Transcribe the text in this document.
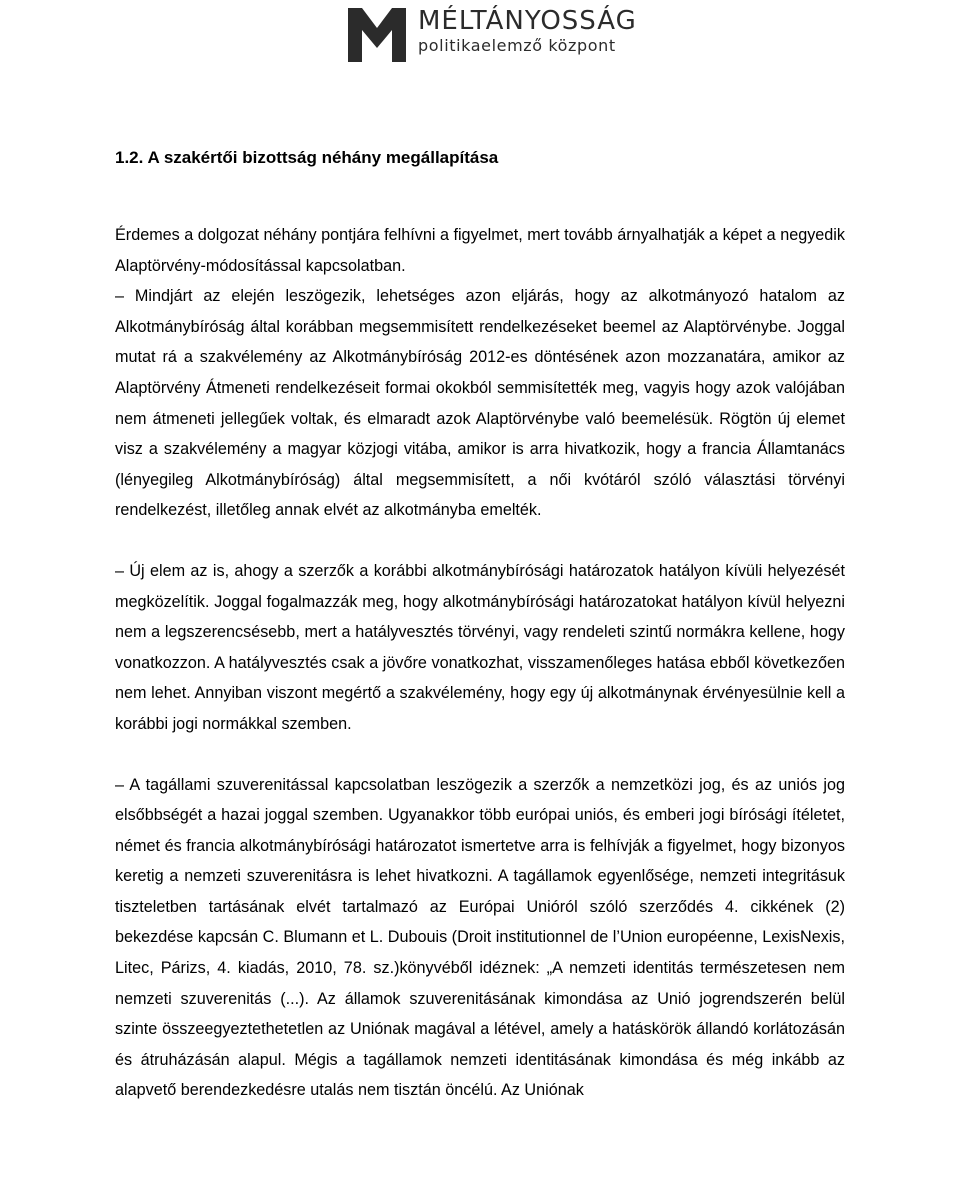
MÉLTÁNYOSSÁG
politikaelemző központ
1.2. A szakértői bizottság néhány megállapítása

Érdemes a dolgozat néhány pontjára felhívni a figyelmet, mert tovább árnyalhatják a képet a negyedik Alaptörvény-módosítással kapcsolatban.

– Mindjárt az elején leszögezik, lehetséges azon eljárás, hogy az alkotmányozó hatalom az Alkotmánybíróság által korábban megsemmisített rendelkezéseket beemel az Alaptörvénybe. Joggal mutat rá a szakvélemény az Alkotmánybíróság 2012-es döntésének azon mozzanatára, amikor az Alaptörvény Átmeneti rendelkezéseit formai okokból semmisítették meg, vagyis hogy azok valójában nem átmeneti jellegűek voltak, és elmaradt azok Alaptörvénybe való beemelésük. Rögtön új elemet visz a szakvélemény a magyar közjogi vitába, amikor is arra hivatkozik, hogy a francia Államtanács (lényegileg Alkotmánybíróság) által megsemmisített, a női kvótáról szóló választási törvényi rendelkezést, illetőleg annak elvét az alkotmányba emelték.

– Új elem az is, ahogy a szerzők a korábbi alkotmánybírósági határozatok hatályon kívüli helyezését megközelítik. Joggal fogalmazzák meg, hogy alkotmánybírósági határozatokat hatályon kívül helyezni nem a legszerencsésebb, mert a hatályvesztés törvényi, vagy rendeleti szintű normákra kellene, hogy vonatkozzon. A hatályvesztés csak a jövőre vonatkozhat, visszamenőleges hatása ebből következően nem lehet. Annyiban viszont megértő a szakvélemény, hogy egy új alkotmánynak érvényesülnie kell a korábbi jogi normákkal szemben.

– A tagállami szuverenitással kapcsolatban leszögezik a szerzők a nemzetközi jog, és az uniós jog elsőbbségét a hazai joggal szemben. Ugyanakkor több európai uniós, és emberi jogi bírósági ítéletet, német és francia alkotmánybírósági határozatot ismertetve arra is felhívják a figyelmet, hogy bizonyos keretig a nemzeti szuverenitásra is lehet hivatkozni. A tagállamok egyenlősége, nemzeti integritásuk tiszteletben tartásának elvét tartalmazó az Európai Unióról szóló szerződés 4. cikkének (2) bekezdése kapcsán C. Blumann et L. Dubouis (Droit institutionnel de l’Union européenne, LexisNexis, Litec, Párizs, 4. kiadás, 2010, 78. sz.)könyvéből idéznek: „A nemzeti identitás természetesen nem nemzeti szuverenitás (...). Az államok szuverenitásának kimondása az Unió jogrendszerén belül szinte összeegyeztethetetlen az Uniónak magával a létével, amely a hatáskörök állandó korlátozásán és átruházásán alapul. Mégis a tagállamok nemzeti identitásának kimondása és még inkább az alapvető berendezkedésre utalás nem tisztán öncélú. Az Uniónak
